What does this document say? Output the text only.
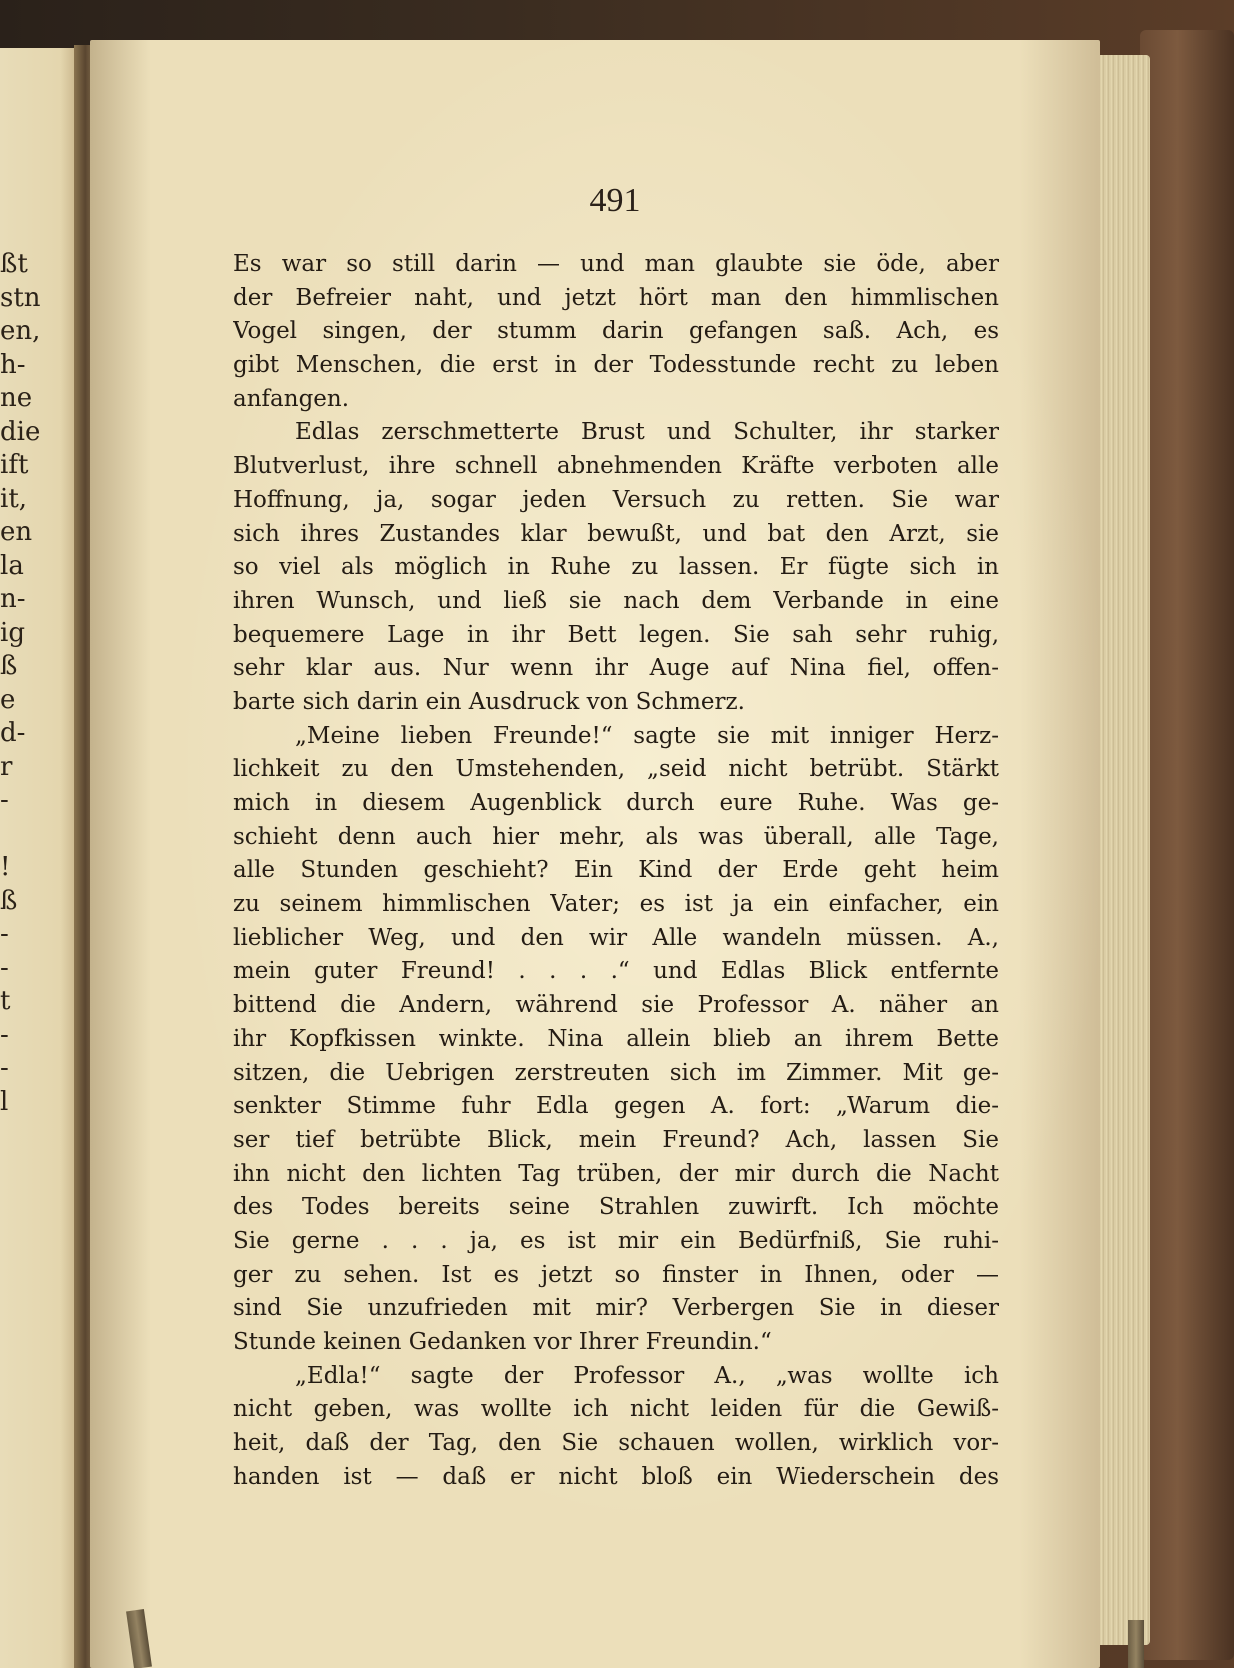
ßt
stn
en,
h-
ne
die
ift
it,
en
la
n-
ig
ß
e
d-
r
-
!
ß
-
-
t
-
-
l
491
Es war so still darin — und man glaubte sie öde, aber
der Befreier naht, und jetzt hört man den himmlischen
Vogel singen, der stumm darin gefangen saß. Ach, es
gibt Menschen, die erst in der Todesstunde recht zu leben
anfangen.
Edlas zerschmetterte Brust und Schulter, ihr starker
Blutverlust, ihre schnell abnehmenden Kräfte verboten alle
Hoffnung, ja, sogar jeden Versuch zu retten. Sie war
sich ihres Zustandes klar bewußt, und bat den Arzt, sie
so viel als möglich in Ruhe zu lassen. Er fügte sich in
ihren Wunsch, und ließ sie nach dem Verbande in eine
bequemere Lage in ihr Bett legen. Sie sah sehr ruhig,
sehr klar aus. Nur wenn ihr Auge auf Nina fiel, offen-
barte sich darin ein Ausdruck von Schmerz.
„Meine lieben Freunde!“ sagte sie mit inniger Herz-
lichkeit zu den Umstehenden, „seid nicht betrübt. Stärkt
mich in diesem Augenblick durch eure Ruhe. Was ge-
schieht denn auch hier mehr, als was überall, alle Tage,
alle Stunden geschieht? Ein Kind der Erde geht heim
zu seinem himmlischen Vater; es ist ja ein einfacher, ein
lieblicher Weg, und den wir Alle wandeln müssen. A.,
mein guter Freund! . . . .“ und Edlas Blick entfernte
bittend die Andern, während sie Professor A. näher an
ihr Kopfkissen winkte. Nina allein blieb an ihrem Bette
sitzen, die Uebrigen zerstreuten sich im Zimmer. Mit ge-
senkter Stimme fuhr Edla gegen A. fort: „Warum die-
ser tief betrübte Blick, mein Freund? Ach, lassen Sie
ihn nicht den lichten Tag trüben, der mir durch die Nacht
des Todes bereits seine Strahlen zuwirft. Ich möchte
Sie gerne . . . ja, es ist mir ein Bedürfniß, Sie ruhi-
ger zu sehen. Ist es jetzt so finster in Ihnen, oder —
sind Sie unzufrieden mit mir? Verbergen Sie in dieser
Stunde keinen Gedanken vor Ihrer Freundin.“
„Edla!“ sagte der Professor A., „was wollte ich
nicht geben, was wollte ich nicht leiden für die Gewiß-
heit, daß der Tag, den Sie schauen wollen, wirklich vor-
handen ist — daß er nicht bloß ein Wiederschein des
